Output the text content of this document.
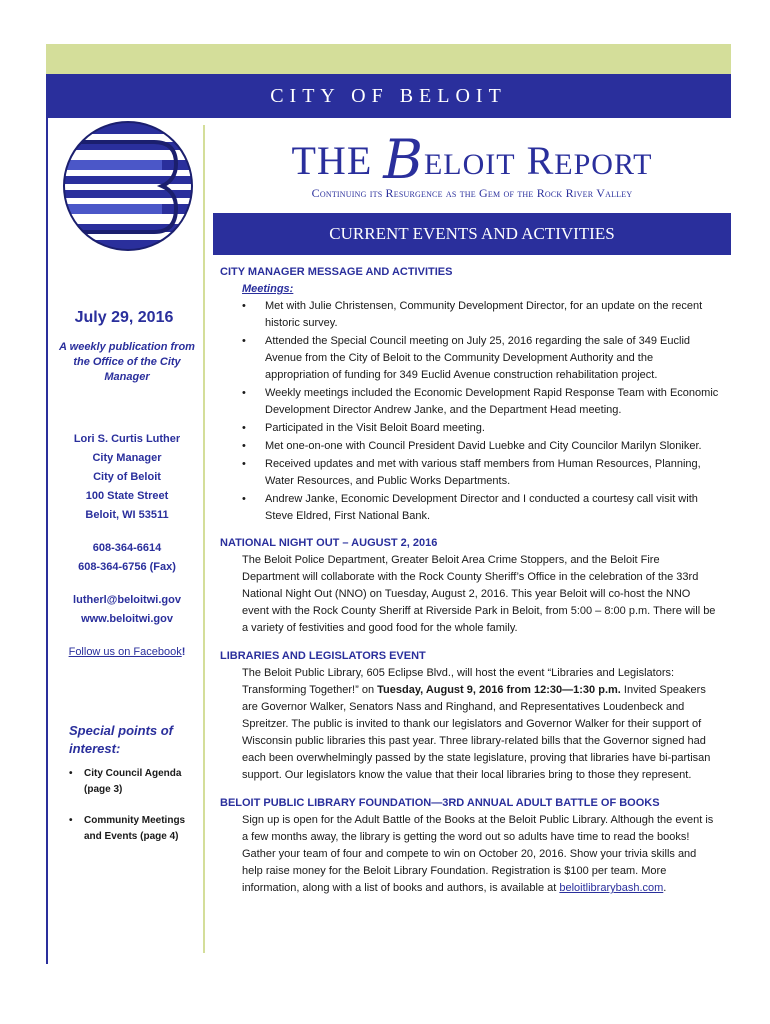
CITY OF BELOIT
THE BELOIT REPORT
Continuing its Resurgence as the Gem of the Rock River Valley
CURRENT EVENTS AND ACTIVITIES
July 29, 2016
A weekly publication from the Office of the City Manager
Lori S. Curtis Luther
City Manager
City of Beloit
100 State Street
Beloit, WI 53511
608-364-6614
608-364-6756 (Fax)
lutherl@beloitwi.gov
www.beloitwi.gov
Follow us on Facebook!
Special points of interest:
• City Council Agenda (page 3)
• Community Meetings and Events (page 4)

CITY MANAGER MESSAGE AND ACTIVITIES

Meetings:

• Met with Julie Christensen, Community Development Director, for an update on the recent historic survey.
• Attended the Special Council meeting on July 25, 2016 regarding the sale of 349 Euclid Avenue from the City of Beloit to the Community Development Authority and the appropriation of funding for 349 Euclid Avenue construction rehabilitation project.
• Weekly meetings included the Economic Development Rapid Response Team with Economic Development Director Andrew Janke, and the Department Head meeting.
• Participated in the Visit Beloit Board meeting.
• Met one-on-one with Council President David Luebke and City Councilor Marilyn Sloniker.
• Received updates and met with various staff members from Human Resources, Planning, Water Resources, and Public Works Departments.
• Andrew Janke, Economic Development Director and I conducted a courtesy call visit with Steve Eldred, First National Bank.

NATIONAL NIGHT OUT – AUGUST 2, 2016

The Beloit Police Department, Greater Beloit Area Crime Stoppers, and the Beloit Fire Department will collaborate with the Rock County Sheriff’s Office in the celebration of the 33rd National Night Out (NNO) on Tuesday, August 2, 2016. This year Beloit will co-host the NNO event with the Rock County Sheriff at Riverside Park in Beloit, from 5:00 – 8:00 p.m. There will be a variety of festivities and good food for the whole family.

LIBRARIES AND LEGISLATORS EVENT

The Beloit Public Library, 605 Eclipse Blvd., will host the event “Libraries and Legislators: Transforming Together!” on Tuesday, August 9, 2016 from 12:30—1:30 p.m. Invited Speakers are Governor Walker, Senators Nass and Ringhand, and Representatives Loudenbeck and Spreitzer. The public is invited to thank our legislators and Governor Walker for their support of Wisconsin public libraries this past year. Three library-related bills that the Governor signed had each been overwhelmingly passed by the state legislature, proving that libraries have bi-partisan support. Our legislators know the value that their local libraries bring to those they represent.

BELOIT PUBLIC LIBRARY FOUNDATION—3RD ANNUAL ADULT BATTLE OF BOOKS

Sign up is open for the Adult Battle of the Books at the Beloit Public Library. Although the event is a few months away, the library is getting the word out so adults have time to read the books! Gather your team of four and compete to win on October 20, 2016. Show your trivia skills and help raise money for the Beloit Library Foundation. Registration is $100 per team. More information, along with a list of books and authors, is available at beloitlibrarybash.com.
